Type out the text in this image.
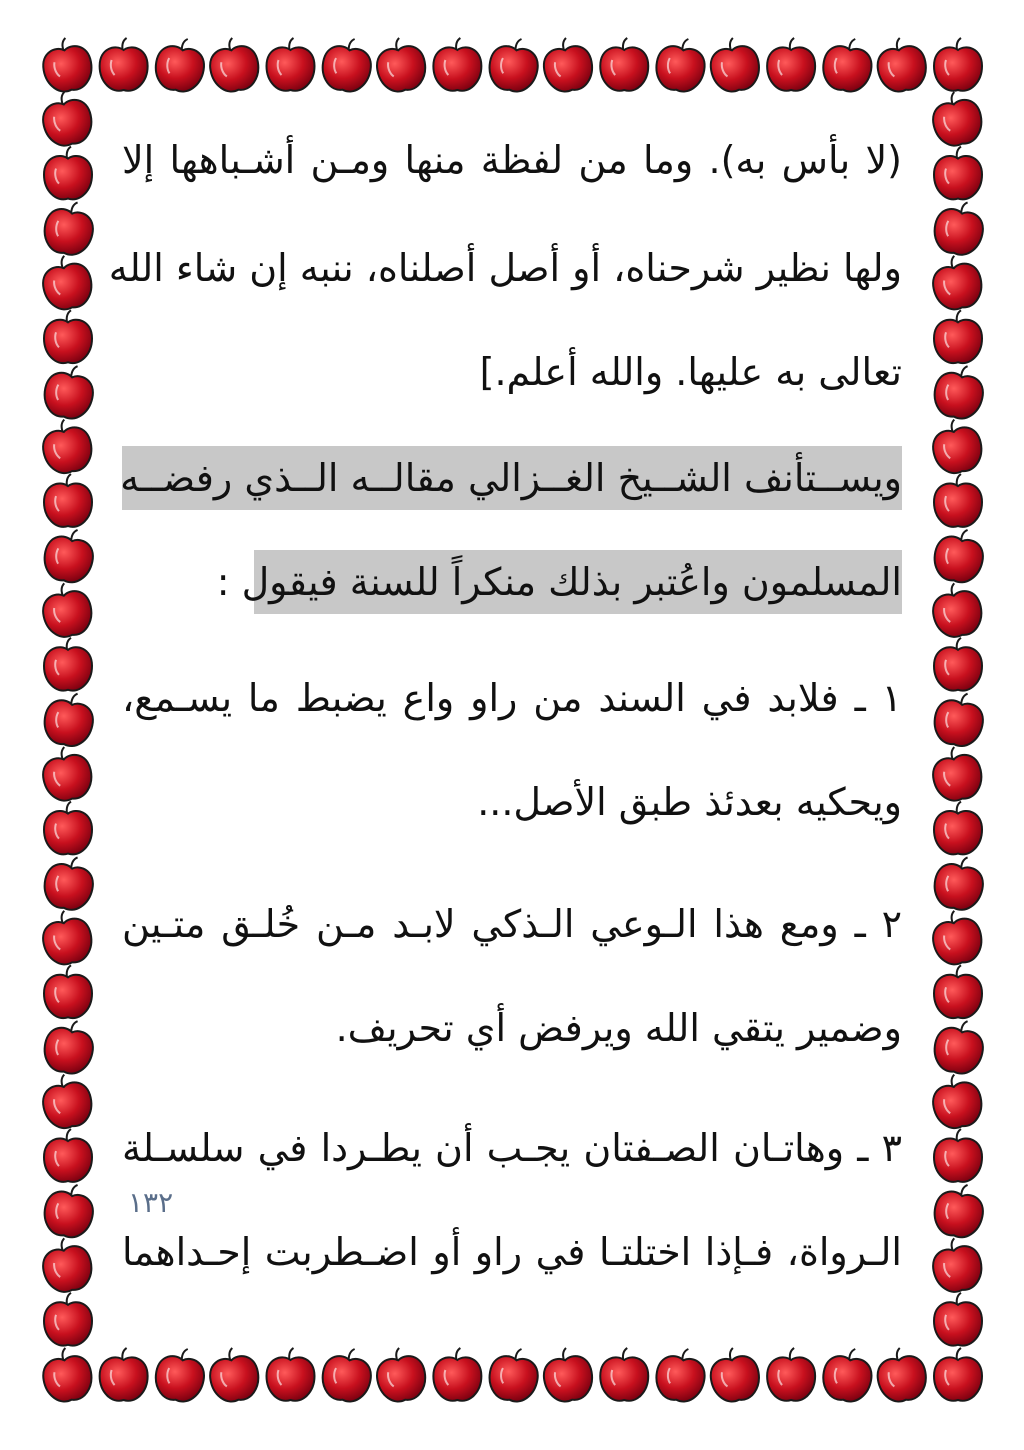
(لا بأس به). وما من لفظة منها ومـن أشـباهها إلا
ولها نظير شرحناه، أو أصل أصلناه، ننبه إن شاء الله
تعالى به عليها. والله أعلم.]
ويســتأنف الشــيخ الغــزالي مقالــه الــذي رفضــه
المسلمون واعُتبر بذلك منكراً للسنة فيقول :
١ ـ فلابد في السند من راو واع يضبط ما يسـمع،
ويحكيه بعدئذ طبق الأصل...
٢ ـ ومع هذا الـوعي الـذكي لابـد مـن خُلـق متـين
وضمير يتقي الله ويرفض أي تحريف.
٣ ـ وهاتـان الصـفتان يجـب أن يطـردا في سلسـلة
الـرواة، فـإذا اختلتـا في راو أو اضـطربت إحـداهما
١٣٢
